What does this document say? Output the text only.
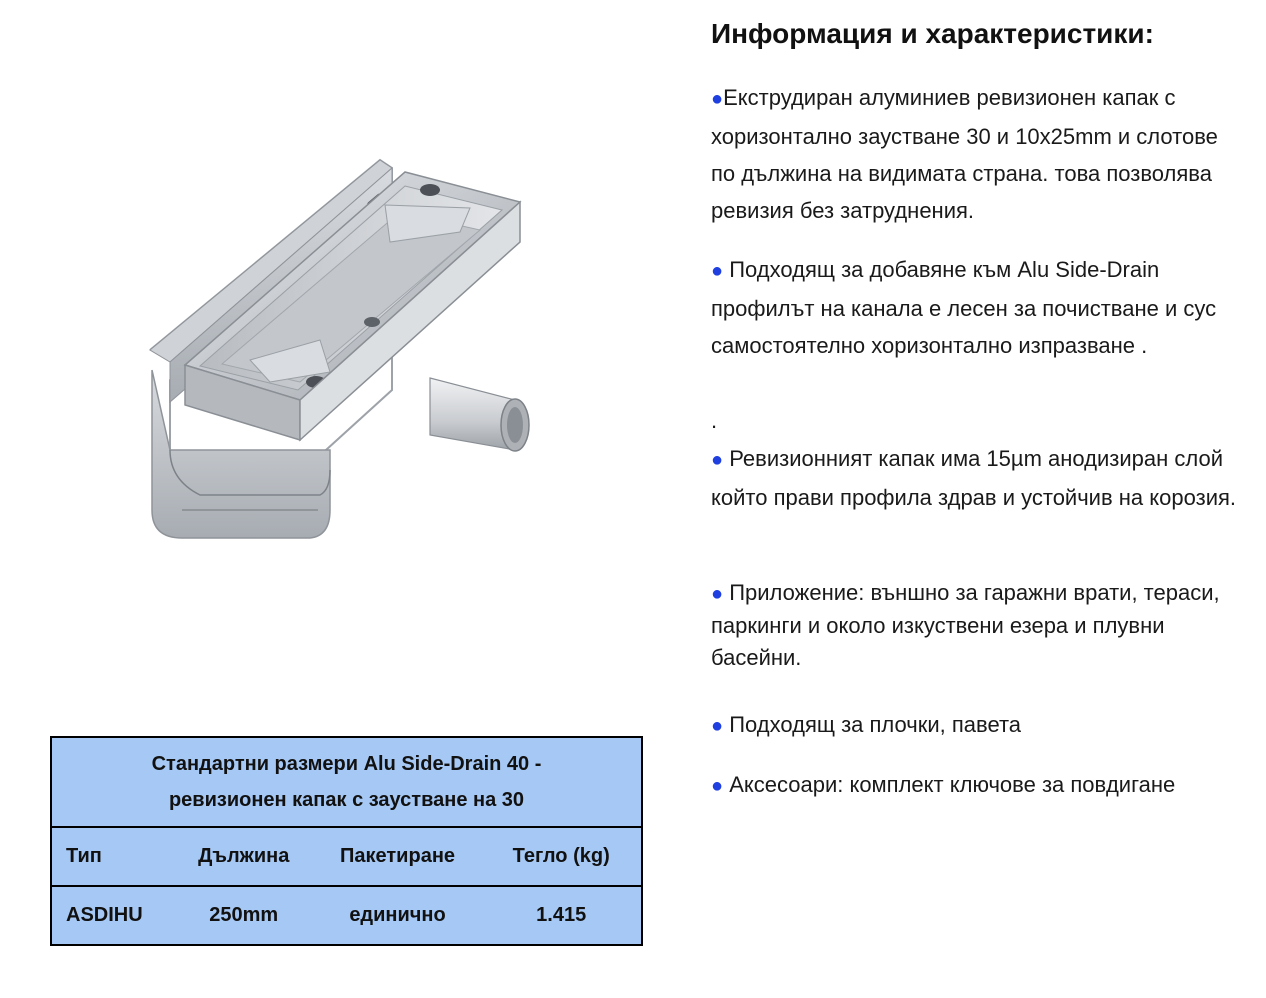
Стандартни размери Alu Side-Drain 40 -
ревизионен капак с заустване на 30			

Тип	Дължина	Пакетиране	Тегло (kg)
ASDIHU	250mm	единично	1.415
Информация и характеристики:

●Екструдиран алуминиев ревизионен капак с хоризонтално заустване 30 и 10x25mm и слотове по дължина на видимата страна. това позволява ревизия без затруднения.

● Подходящ за добавяне към Alu Side-Drain профилът на канала е лесен за почистване и сус самостоятелно хоризонтално изпразване .

.

● Ревизионният капак има 15µm анодизиран слой който прави профила здрав и устойчив на корозия.

● Приложение: външно за гаражни врати, тераси, паркинги и около изкуствени езера и плувни басейни.

● Подходящ за плочки, павета

● Аксесоари: комплект ключове за повдигане
